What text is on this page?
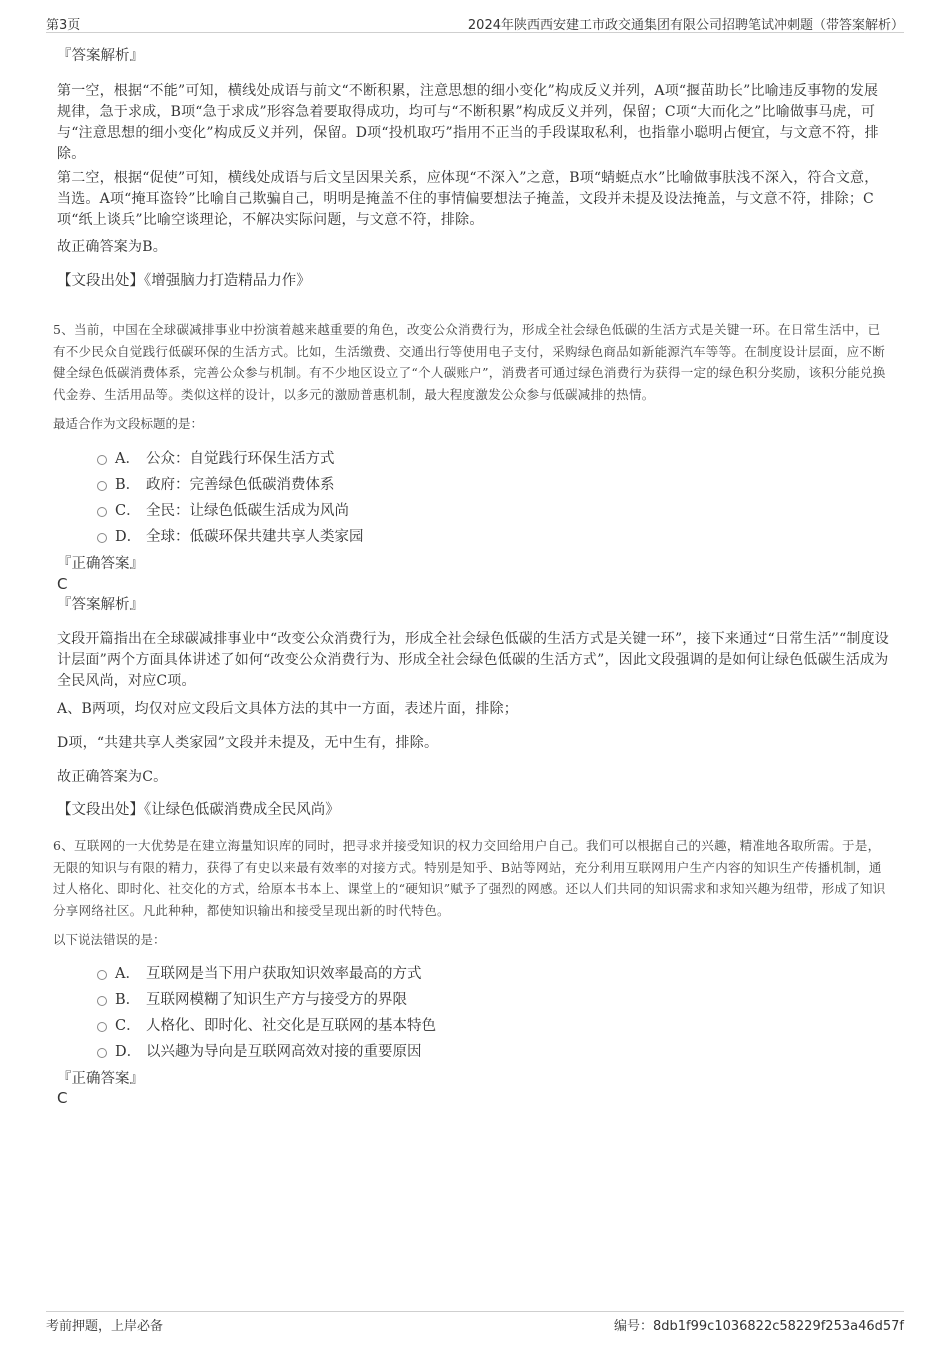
第3页	2024年陕西西安建工市政交通集团有限公司招聘笔试冲刺题（带答案解析）

『答案解析』

第一空，根据“不能”可知，横线处成语与前文“不断积累，注意思想的细小变化”构成反义并列，A项“揠苗助长”比喻违反事物的发展规律，急于求成，B项“急于求成”形容急着要取得成功，均可与“不断积累”构成反义并列，保留；C项“大而化之”比喻做事马虎，可与“注意思想的细小变化”构成反义并列，保留。D项“投机取巧”指用不正当的手段谋取私利，也指靠小聪明占便宜，与文意不符，排除。

第二空，根据“促使”可知，横线处成语与后文呈因果关系，应体现“不深入”之意，B项“蜻蜓点水”比喻做事肤浅不深入，符合文意，当选。A项“掩耳盗铃”比喻自己欺骗自己，明明是掩盖不住的事情偏要想法子掩盖，文段并未提及设法掩盖，与文意不符，排除；C项“纸上谈兵”比喻空谈理论，不解决实际问题，与文意不符，排除。

故正确答案为B。

【文段出处】《增强脑力打造精品力作》

5、当前，中国在全球碳减排事业中扮演着越来越重要的角色，改变公众消费行为，形成全社会绿色低碳的生活方式是关键一环。在日常生活中，已有不少民众自觉践行低碳环保的生活方式。比如，生活缴费、交通出行等使用电子支付，采购绿色商品如新能源汽车等等。在制度设计层面，应不断健全绿色低碳消费体系，完善公众参与机制。有不少地区设立了“个人碳账户”，消费者可通过绿色消费行为获得一定的绿色积分奖励，该积分能兑换代金券、生活用品等。类似这样的设计，以多元的激励普惠机制，最大程度激发公众参与低碳减排的热情。

最适合作为文段标题的是：

A． 公众：自觉践行环保生活方式
B． 政府：完善绿色低碳消费体系
C． 全民：让绿色低碳生活成为风尚
D． 全球：低碳环保共建共享人类家园

『正确答案』

C

『答案解析』

文段开篇指出在全球碳减排事业中“改变公众消费行为，形成全社会绿色低碳的生活方式是关键一环”，接下来通过“日常生活”“制度设计层面”两个方面具体讲述了如何“改变公众消费行为、形成全社会绿色低碳的生活方式”，因此文段强调的是如何让绿色低碳生活成为全民风尚，对应C项。

A、B两项，均仅对应文段后文具体方法的其中一方面，表述片面，排除；

D项，“共建共享人类家园”文段并未提及，无中生有，排除。

故正确答案为C。

【文段出处】《让绿色低碳消费成全民风尚》

6、互联网的一大优势是在建立海量知识库的同时，把寻求并接受知识的权力交回给用户自己。我们可以根据自己的兴趣，精准地各取所需。于是，无限的知识与有限的精力，获得了有史以来最有效率的对接方式。特别是知乎、B站等网站，充分利用互联网用户生产内容的知识生产传播机制，通过人格化、即时化、社交化的方式，给原本书本上、课堂上的“硬知识”赋予了强烈的网感。还以人们共同的知识需求和求知兴趣为纽带，形成了知识分享网络社区。凡此种种，都使知识输出和接受呈现出新的时代特色。

以下说法错误的是：

A． 互联网是当下用户获取知识效率最高的方式
B． 互联网模糊了知识生产方与接受方的界限
C． 人格化、即时化、社交化是互联网的基本特色
D． 以兴趣为导向是互联网高效对接的重要原因

『正确答案』

C

考前押题，上岸必备	编号：8db1f99c1036822c58229f253a46d57f
